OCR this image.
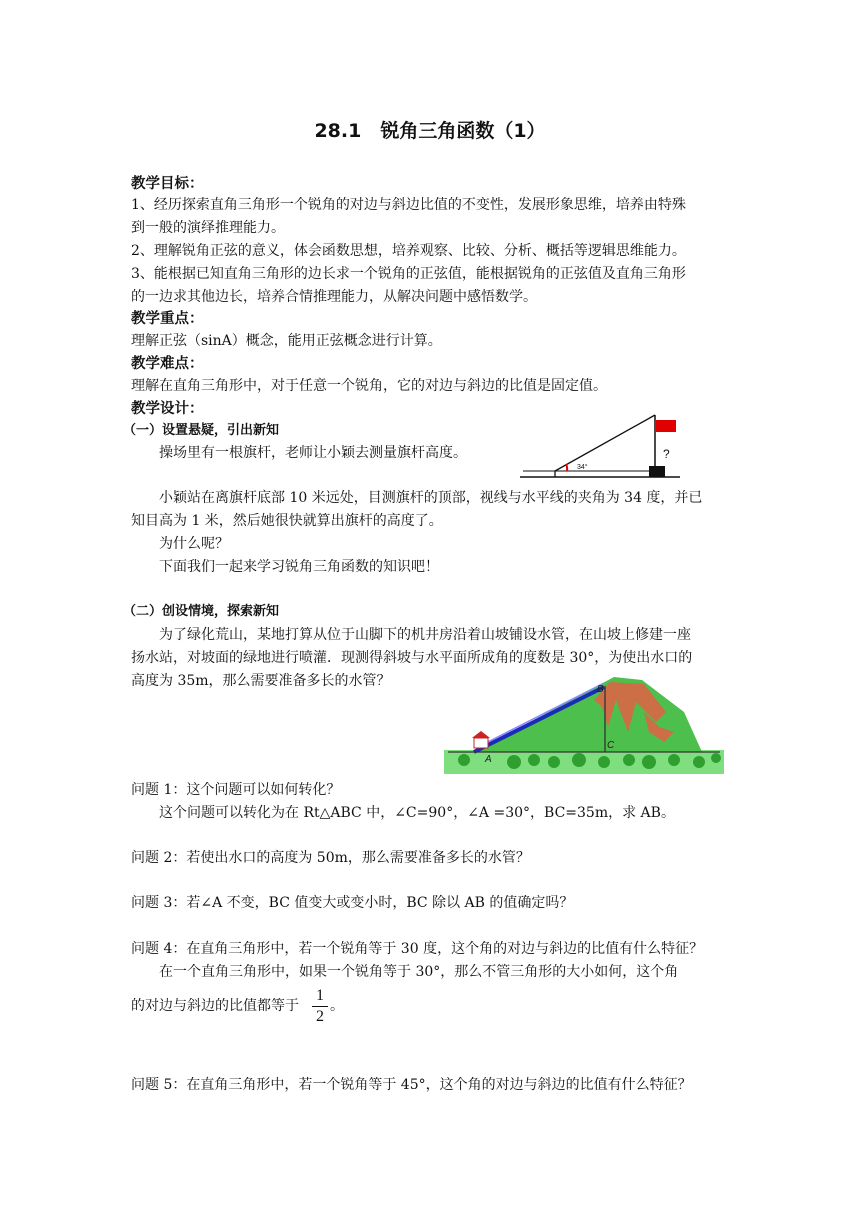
28.1　锐角三角函数（1）
教学目标：
1、经历探索直角三角形一个锐角的对边与斜边比值的不变性，发展形象思维，培养由特殊
到一般的演绎推理能力。
2、理解锐角正弦的意义，体会函数思想，培养观察、比较、分析、概括等逻辑思维能力。
3、能根据已知直角三角形的边长求一个锐角的正弦值，能根据锐角的正弦值及直角三角形
的一边求其他边长，培养合情推理能力，从解决问题中感悟数学。
教学重点：
理解正弦（sinA）概念，能用正弦概念进行计算。
教学难点：
理解在直角三角形中，对于任意一个锐角，它的对边与斜边的比值是固定值。
教学设计：
（一）设置悬疑，引出新知
操场里有一根旗杆，老师让小颖去测量旗杆高度。
34°
?
小颖站在离旗杆底部 10 米远处，目测旗杆的顶部，视线与水平线的夹角为 34 度，并已
知目高为 1 米，然后她很快就算出旗杆的高度了。
为什么呢？
下面我们一起来学习锐角三角函数的知识吧！
（二）创设情境，探索新知
为了绿化荒山，某地打算从位于山脚下的机井房沿着山坡铺设水管，在山坡上修建一座
扬水站，对坡面的绿地进行喷灌．现测得斜坡与水平面所成角的度数是 30°，为使出水口的
高度为 35m，那么需要准备多长的水管？
A
B
C
问题 1：这个问题可以如何转化？
这个问题可以转化为在 Rt△ABC 中，∠C=90°，∠A =30°，BC=35m，求 AB。
问题 2：若使出水口的高度为 50m，那么需要准备多长的水管？
问题 3：若∠A 不变，BC 值变大或变小时，BC 除以 AB 的值确定吗？
问题 4：在直角三角形中，若一个锐角等于 30 度，这个角的对边与斜边的比值有什么特征？
在一个直角三角形中，如果一个锐角等于 30°，那么不管三角形的大小如何，这个角
的对边与斜边的比值都等于
1
2
。
问题 5：在直角三角形中，若一个锐角等于 45°，这个角的对边与斜边的比值有什么特征？
